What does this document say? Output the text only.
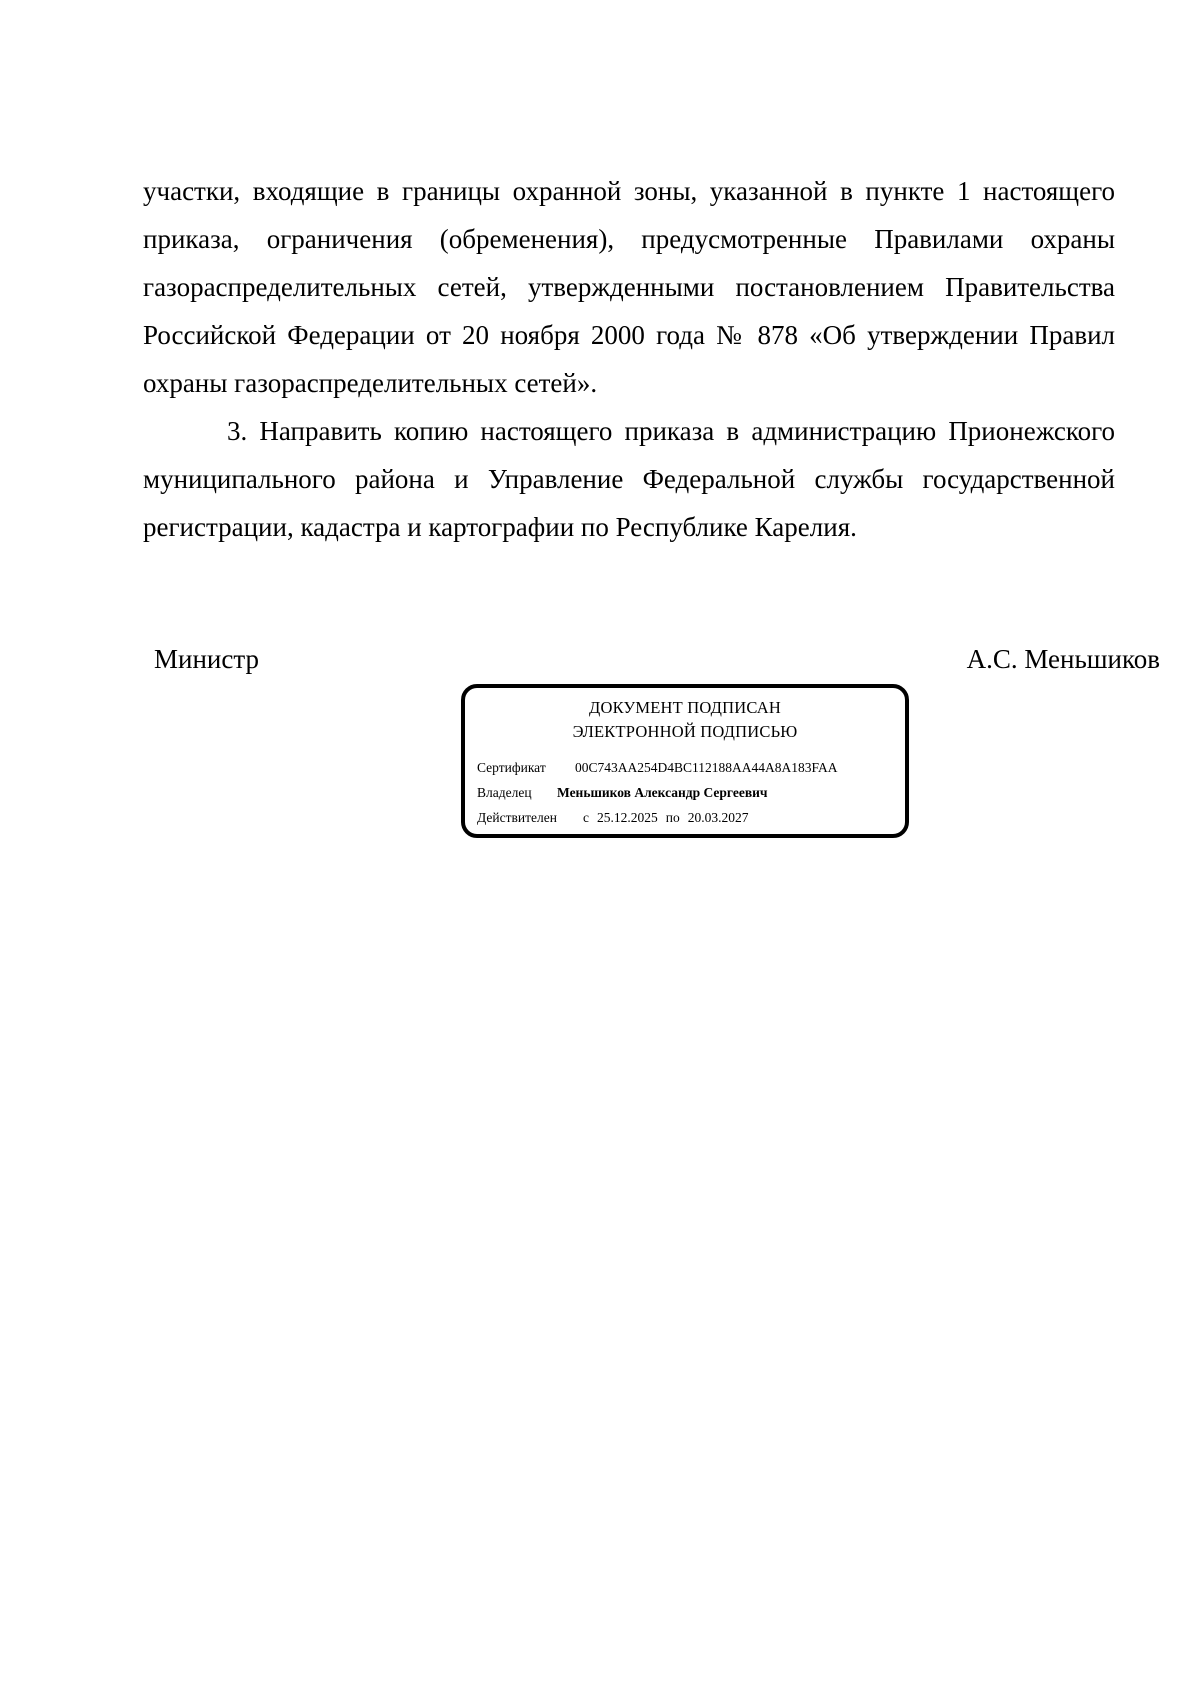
участки, входящие в границы охранной зоны, указанной в пункте 1 настоящего приказа, ограничения (обременения), предусмотренные Правилами охраны газораспределительных сетей, утвержденными постановлением Правительства Российской Федерации от 20 ноября 2000 года № 878 «Об утверждении Правил охраны газораспределительных сетей».

3. Направить копию настоящего приказа в администрацию Прионежского муниципального района и Управление Федеральной службы государственной регистрации, кадастра и картографии по Республике Карелия.

Министр	А.С. Меньшиков

ДОКУМЕНТ ПОДПИСАН
ЭЛЕКТРОННОЙ ПОДПИСЬЮ
Сертификат 00C743AA254D4BC112188AA44A8A183FAA
Владелец Меньшиков Александр Сергеевич
Действителен с 25.12.2025 по 20.03.2027
